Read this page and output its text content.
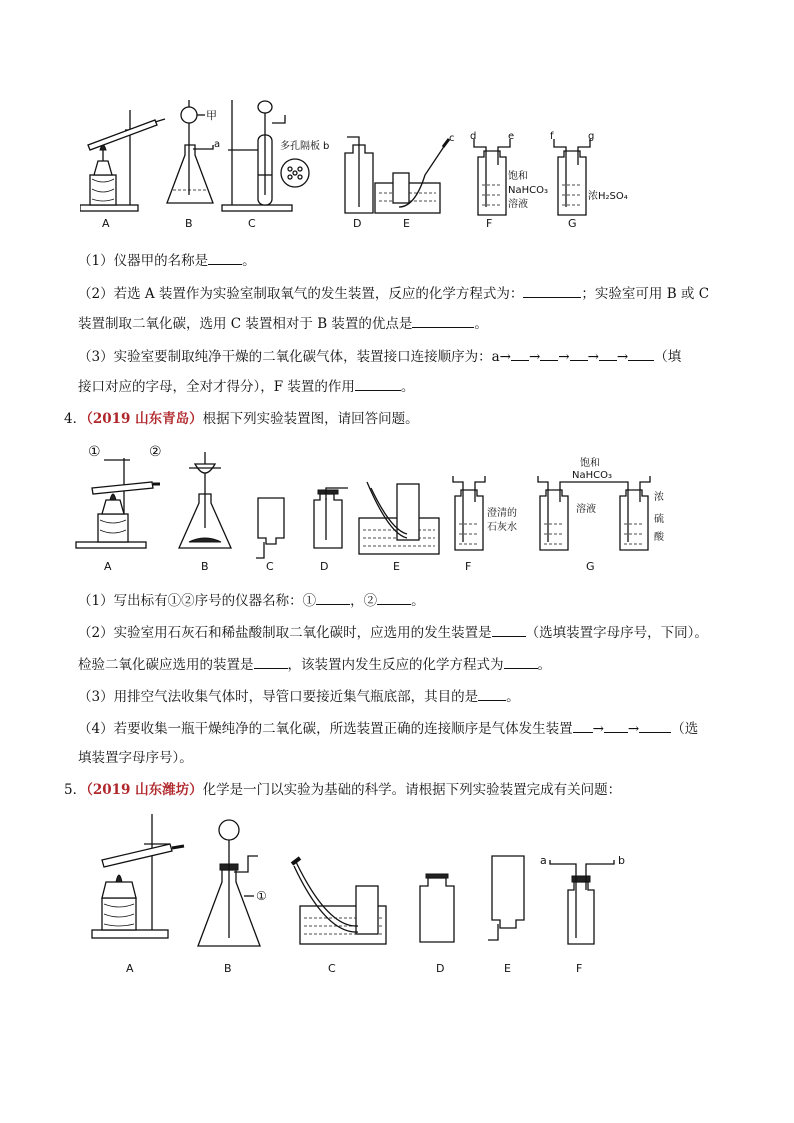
A
甲
a
B
多孔隔板 b
C	D
c
E
d	e
饱和
NaHCO₃
溶液
F
f	g
浓H₂SO₄
G
（1）仪器甲的名称是	。
（2）若选 A 装置作为实验室制取氧气的发生装置，反应的化学方程式为：	；实验室可用 B 或 C
装置制取二氧化碳，选用 C 装置相对于 B 装置的优点是	。
（3）实验室要制取纯净干燥的二氧化碳气体，装置接口连接顺序为：a→ → → → → （填
接口对应的字母，全对才得分），F 装置的作用	。
4．（2019 山东青岛）根据下列实验装置图，请回答问题。
①
A
②
B	C	D	E
澄清的
石灰水
F
饱和
NaHCO₃
溶液
浓
硫
酸
G
（1）写出标有①②序号的仪器名称：①	，②	。
（2）实验室用石灰石和稀盐酸制取二氧化碳时，应选用的发生装置是	（选填装置字母序号，下同）。
检验二氧化碳应选用的装置是	，该装置内发生反应的化学方程式为	。
（3）用排空气法收集气体时，导管口要接近集气瓶底部，其目的是 。
（4）若要收集一瓶干燥纯净的二氧化碳，所选装置正确的连接顺序是气体发生装置 → → （选
填装置字母序号）。
5．（2019 山东潍坊）化学是一门以实验为基础的科学。请根据下列实验装置完成有关问题：
A
①
B	C	D	E
a	b
F
